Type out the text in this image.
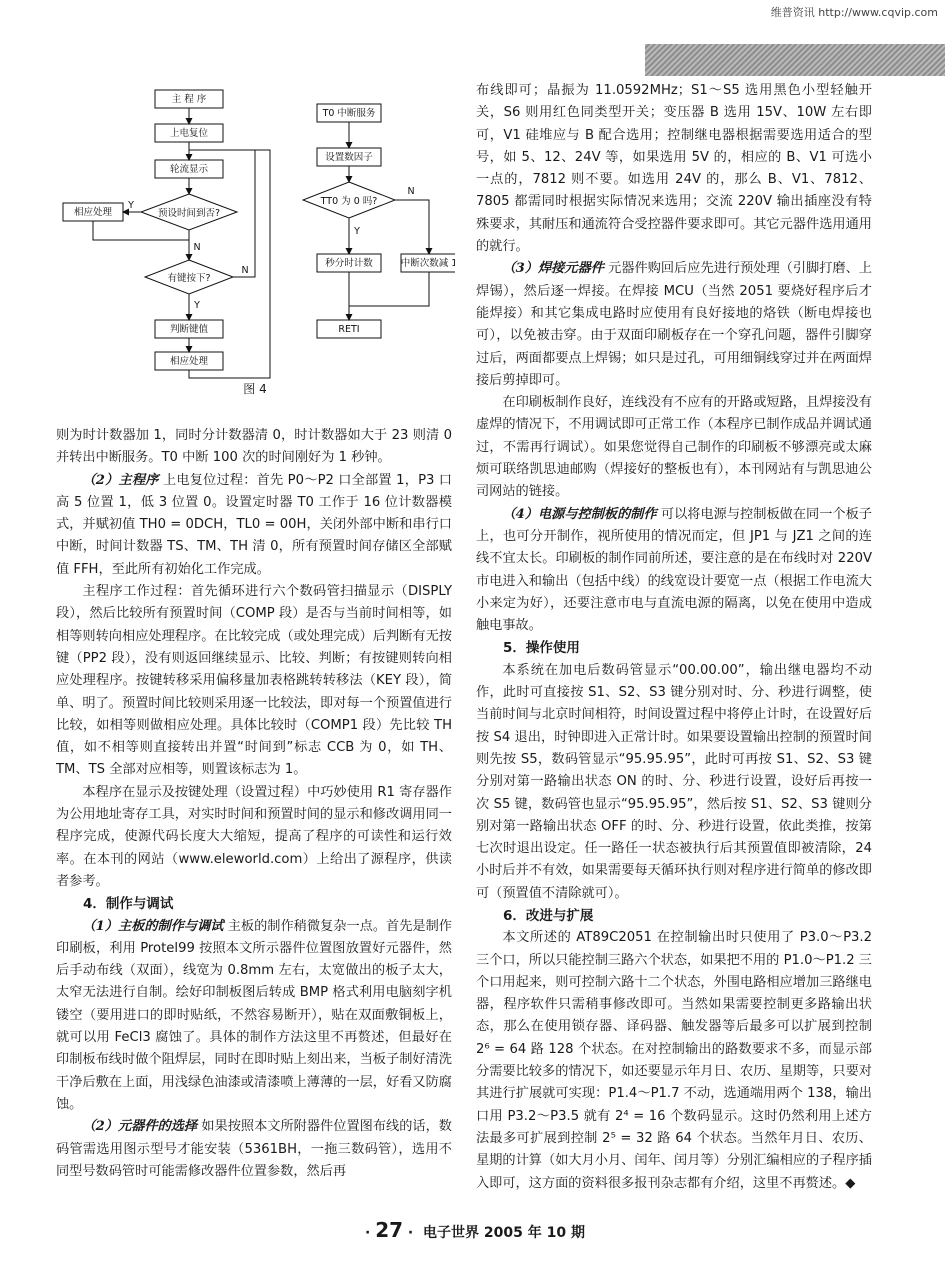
维普资讯 http://www.cqvip.com
主 程 序
上电复位
轮流显示
预设时间到否?
相应处理
有键按下?
判断键值
相应处理
Y
N
N
Y
T0 中断服务
设置数因子
TT0 为 0 吗?
秒分时计数	中断次数减 1
RETI
N
Y
图 4

则为时计数器加 1，同时分计数器清 0，时计数器如大于 23 则清 0 并转出中断服务。T0 中断 100 次的时间刚好为 1 秒钟。

（2）主程序 上电复位过程：首先 P0～P2 口全部置 1，P3 口高 5 位置 1，低 3 位置 0。设置定时器 T0 工作于 16 位计数器模式，并赋初值 TH0 = 0DCH，TL0 = 00H，关闭外部中断和串行口中断，时间计数器 TS、TM、TH 清 0，所有预置时间存储区全部赋值 FFH，至此所有初始化工作完成。

主程序工作过程：首先循环进行六个数码管扫描显示（DISPLY 段），然后比较所有预置时间（COMP 段）是否与当前时间相等，如相等则转向相应处理程序。在比较完成（或处理完成）后判断有无按键（PP2 段），没有则返回继续显示、比较、判断；有按键则转向相应处理程序。按键转移采用偏移量加表格跳转转移法（KEY 段），简单、明了。预置时间比较则采用逐一比较法，即对每一个预置值进行比较，如相等则做相应处理。具体比较时（COMP1 段）先比较 TH 值，如不相等则直接转出并置“时间到”标志 CCB 为 0，如 TH、TM、TS 全部对应相等，则置该标志为 1。

本程序在显示及按键处理（设置过程）中巧妙使用 R1 寄存器作为公用地址寄存工具，对实时时间和预置时间的显示和修改调用同一程序完成，使源代码长度大大缩短，提高了程序的可读性和运行效率。在本刊的网站（www.eleworld.com）上给出了源程序，供读者参考。

4．制作与调试

（1）主板的制作与调试 主板的制作稍微复杂一点。首先是制作印刷板，利用 Protel99 按照本文所示器件位置图放置好元器件，然后手动布线（双面），线宽为 0.8mm 左右，太宽做出的板子太大，太窄无法进行自制。绘好印制板图后转成 BMP 格式利用电脑刻字机镂空（要用进口的即时贴纸，不然容易断开），贴在双面敷铜板上，就可以用 FeCl3 腐蚀了。具体的制作方法这里不再赘述，但最好在印制板布线时做个阻焊层，同时在即时贴上刻出来，当板子制好清洗干净后敷在上面，用浅绿色油漆或清漆喷上薄薄的一层，好看又防腐蚀。

（2）元器件的选择 如果按照本文所附器件位置图布线的话，数码管需选用图示型号才能安装（5361BH，一拖三数码管），选用不同型号数码管时可能需修改器件位置参数，然后再

布线即可；晶振为 11.0592MHz；S1～S5 选用黑色小型轻触开关，S6 则用红色同类型开关；变压器 B 选用 15V、10W 左右即可，V1 硅堆应与 B 配合选用；控制继电器根据需要选用适合的型号，如 5、12、24V 等，如果选用 5V 的，相应的 B、V1 可选小一点的，7812 则不要。如选用 24V 的，那么 B、V1、7812、7805 都需同时根据实际情况来选用；交流 220V 输出插座没有特殊要求，其耐压和通流符合受控器件要求即可。其它元器件选用通用的就行。

（3）焊接元器件 元器件购回后应先进行预处理（引脚打磨、上焊锡），然后逐一焊接。在焊接 MCU（当然 2051 要烧好程序后才能焊接）和其它集成电路时应使用有良好接地的烙铁（断电焊接也可），以免被击穿。由于双面印刷板存在一个穿孔问题，器件引脚穿过后，两面都要点上焊锡；如只是过孔，可用细铜线穿过并在两面焊接后剪掉即可。

在印刷板制作良好，连线没有不应有的开路或短路，且焊接没有虚焊的情况下，不用调试即可正常工作（本程序已制作成品并调试通过，不需再行调试）。如果您觉得自己制作的印刷板不够漂亮或太麻烦可联络凯思迪邮购（焊接好的整板也有），本刊网站有与凯思迪公司网站的链接。

（4）电源与控制板的制作 可以将电源与控制板做在同一个板子上，也可分开制作，视所使用的情况而定，但 JP1 与 JZ1 之间的连线不宜太长。印刷板的制作同前所述，要注意的是在布线时对 220V 市电进入和输出（包括中线）的线宽设计要宽一点（根据工作电流大小来定为好），还要注意市电与直流电源的隔离，以免在使用中造成触电事故。

5．操作使用

本系统在加电后数码管显示“00.00.00”，输出继电器均不动作，此时可直接按 S1、S2、S3 键分别对时、分、秒进行调整，使当前时间与北京时间相符，时间设置过程中将停止计时，在设置好后按 S4 退出，时钟即进入正常计时。如果要设置输出控制的预置时间则先按 S5，数码管显示“95.95.95”，此时可再按 S1、S2、S3 键分别对第一路输出状态 ON 的时、分、秒进行设置，设好后再按一次 S5 键，数码管也显示“95.95.95”，然后按 S1、S2、S3 键则分别对第一路输出状态 OFF 的时、分、秒进行设置，依此类推，按第七次时退出设定。任一路任一状态被执行后其预置值即被清除，24 小时后并不有效，如果需要每天循环执行则对程序进行简单的修改即可（预置值不清除就可）。

6．改进与扩展

本文所述的 AT89C2051 在控制输出时只使用了 P3.0～P3.2 三个口，所以只能控制三路六个状态，如果把不用的 P1.0～P1.2 三个口用起来，则可控制六路十二个状态，外围电路相应增加三路继电器，程序软件只需稍事修改即可。当然如果需要控制更多路输出状态，那么在使用锁存器、译码器、触发器等后最多可以扩展到控制 2⁶ = 64 路 128 个状态。在对控制输出的路数要求不多，而显示部分需要比较多的情况下，如还要显示年月日、农历、星期等，只要对其进行扩展就可实现：P1.4～P1.7 不动，选通端用两个 138，输出口用 P3.2～P3.5 就有 2⁴ = 16 个数码显示。这时仍然利用上述方法最多可扩展到控制 2⁵ = 32 路 64 个状态。当然年月日、农历、星期的计算（如大月小月、闰年、闰月等）分别汇编相应的子程序插入即可，这方面的资料很多报刊杂志都有介绍，这里不再赘述。◆

· 27 ·  电子世界 2005 年 10 期
